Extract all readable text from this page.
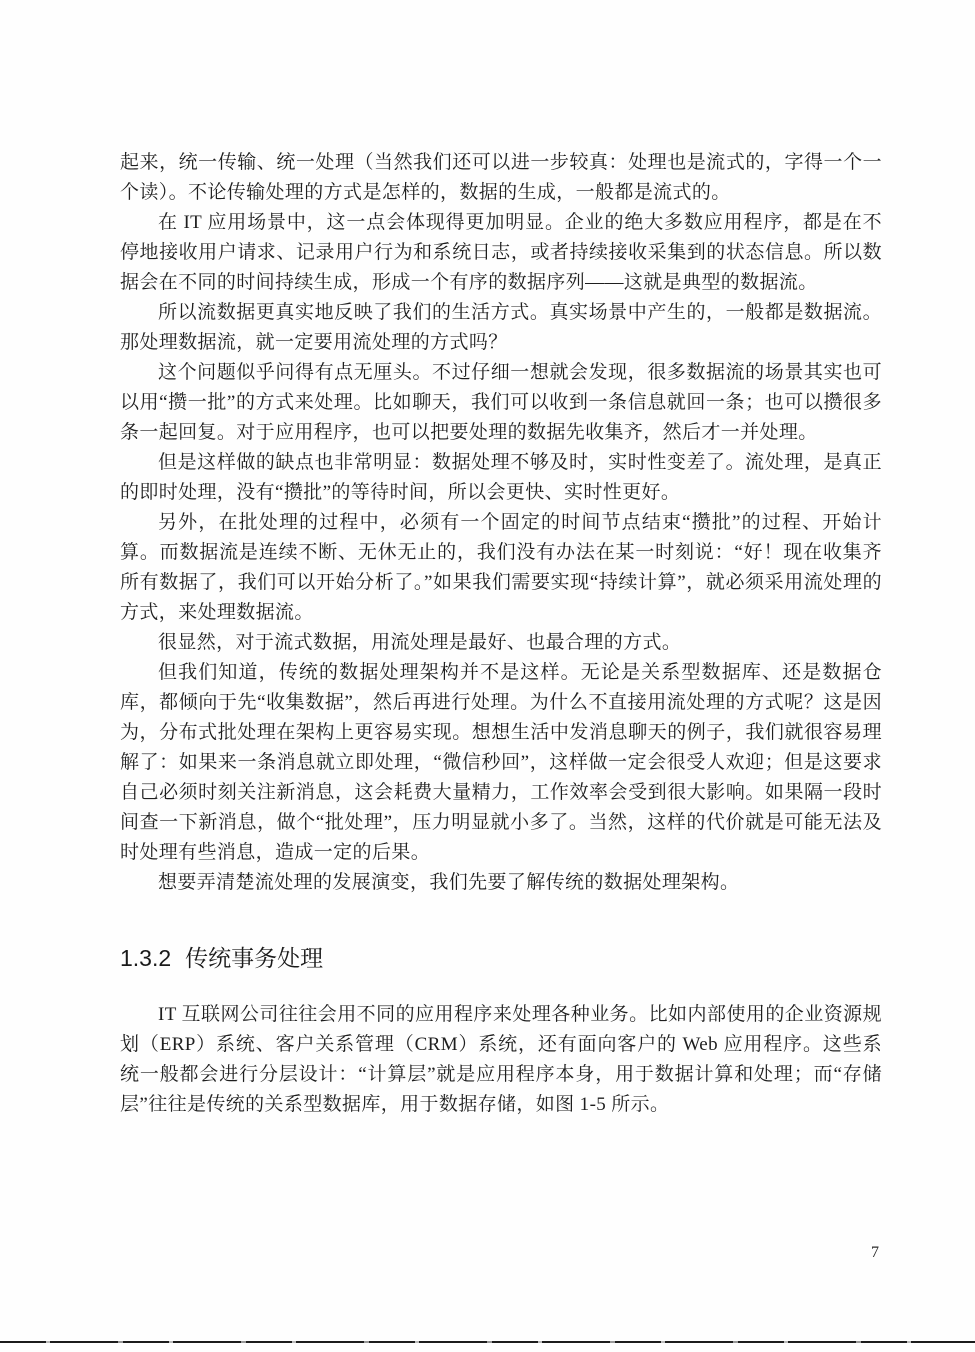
起来，统一传输、统一处理（当然我们还可以进一步较真：处理也是流式的，字得一个一个读）。不论传输处理的方式是怎样的，数据的生成，一般都是流式的。

在 IT 应用场景中，这一点会体现得更加明显。企业的绝大多数应用程序，都是在不停地接收用户请求、记录用户行为和系统日志，或者持续接收采集到的状态信息。所以数据会在不同的时间持续生成，形成一个有序的数据序列——这就是典型的数据流。

所以流数据更真实地反映了我们的生活方式。真实场景中产生的，一般都是数据流。那处理数据流，就一定要用流处理的方式吗？

这个问题似乎问得有点无厘头。不过仔细一想就会发现，很多数据流的场景其实也可以用“攒一批”的方式来处理。比如聊天，我们可以收到一条信息就回一条；也可以攒很多条一起回复。对于应用程序，也可以把要处理的数据先收集齐，然后才一并处理。

但是这样做的缺点也非常明显：数据处理不够及时，实时性变差了。流处理，是真正的即时处理，没有“攒批”的等待时间，所以会更快、实时性更好。

另外，在批处理的过程中，必须有一个固定的时间节点结束“攒批”的过程、开始计算。而数据流是连续不断、无休无止的，我们没有办法在某一时刻说：“好！现在收集齐所有数据了，我们可以开始分析了。”如果我们需要实现“持续计算”，就必须采用流处理的方式，来处理数据流。

很显然，对于流式数据，用流处理是最好、也最合理的方式。

但我们知道，传统的数据处理架构并不是这样。无论是关系型数据库、还是数据仓库，都倾向于先“收集数据”，然后再进行处理。为什么不直接用流处理的方式呢？这是因为，分布式批处理在架构上更容易实现。想想生活中发消息聊天的例子，我们就很容易理解了：如果来一条消息就立即处理，“微信秒回”，这样做一定会很受人欢迎；但是这要求自己必须时刻关注新消息，这会耗费大量精力，工作效率会受到很大影响。如果隔一段时间查一下新消息，做个“批处理”，压力明显就小多了。当然，这样的代价就是可能无法及时处理有些消息，造成一定的后果。

想要弄清楚流处理的发展演变，我们先要了解传统的数据处理架构。

1.3.2 传统事务处理

IT 互联网公司往往会用不同的应用程序来处理各种业务。比如内部使用的企业资源规划（ERP）系统、客户关系管理（CRM）系统，还有面向客户的 Web 应用程序。这些系统一般都会进行分层设计：“计算层”就是应用程序本身，用于数据计算和处理；而“存储层”往往是传统的关系型数据库，用于数据存储，如图 1-5 所示。

7
